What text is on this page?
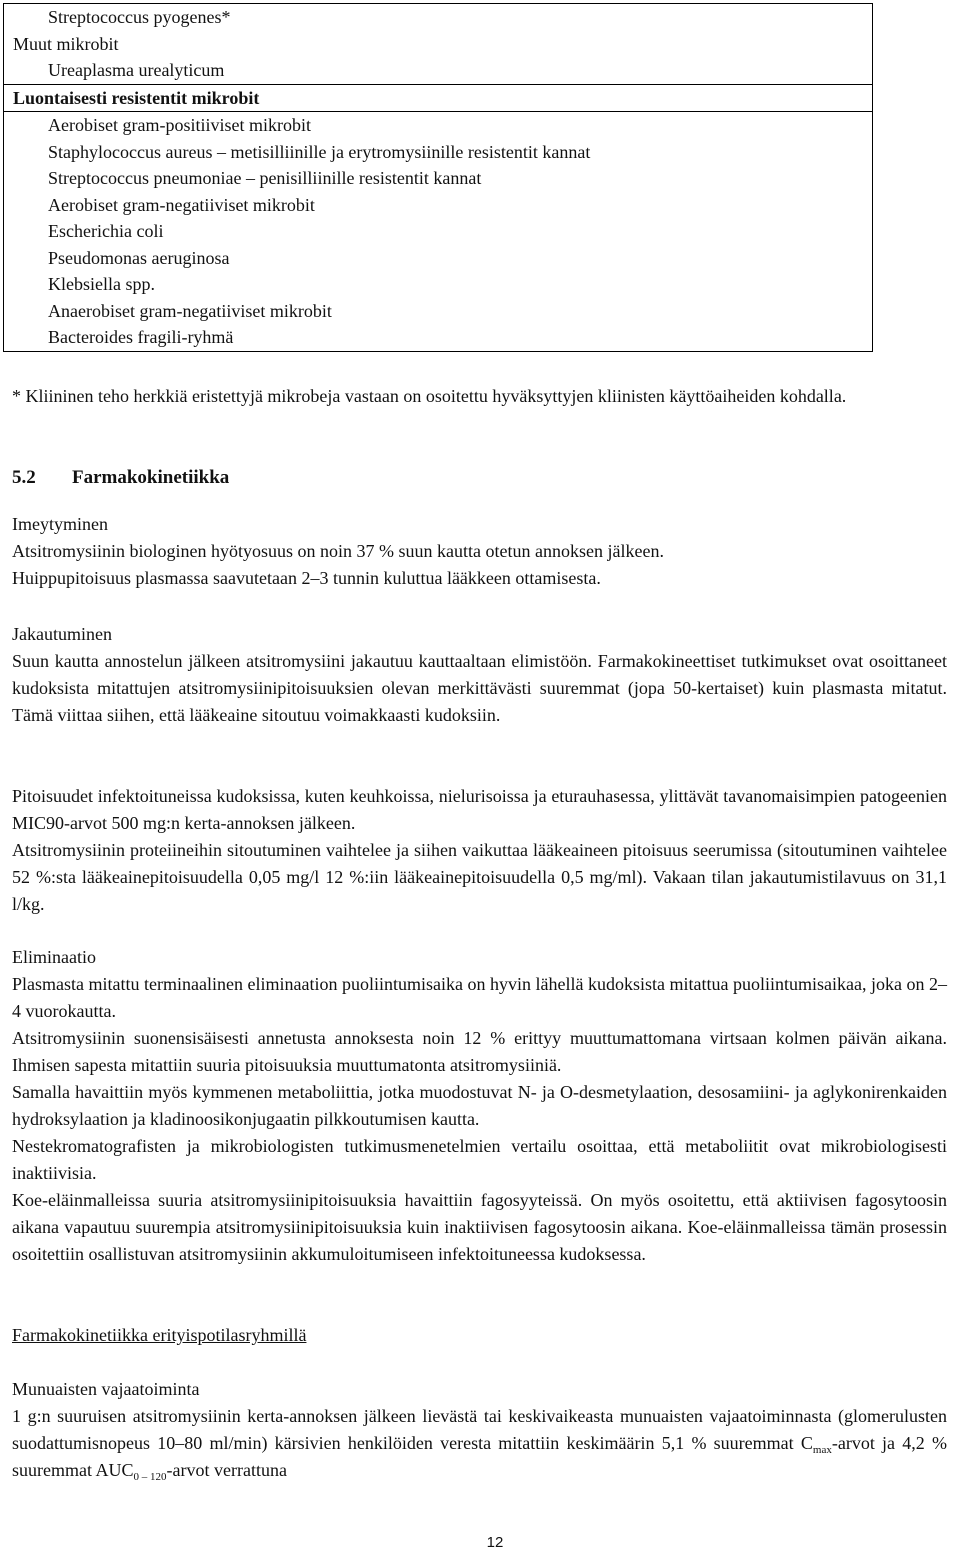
Streptococcus pyogenes*
Muut mikrobit
Ureaplasma urealyticum
Luontaisesti resistentit mikrobit
Aerobiset gram-positiiviset mikrobit
Staphylococcus aureus – metisilliinille ja erytromysiinille resistentit kannat
Streptococcus pneumoniae – penisilliinille resistentit kannat
Aerobiset gram-negatiiviset mikrobit
Escherichia coli
Pseudomonas aeruginosa
Klebsiella spp.
Anaerobiset gram-negatiiviset mikrobit
Bacteroides fragili-ryhmä

* Kliininen teho herkkiä eristettyjä mikrobeja vastaan on osoitettu hyväksyttyjen kliinisten käyttöaiheiden kohdalla.

5.2 Farmakokinetiikka

Imeytyminen

Atsitromysiinin biologinen hyötyosuus on noin 37 % suun kautta otetun annoksen jälkeen.

Huippupitoisuus plasmassa saavutetaan 2–3 tunnin kuluttua lääkkeen ottamisesta.

Jakautuminen

Suun kautta annostelun jälkeen atsitromysiini jakautuu kauttaaltaan elimistöön. Farmakokineettiset tutkimukset ovat osoittaneet kudoksista mitattujen atsitromysiinipitoisuuksien olevan merkittävästi suuremmat (jopa 50-kertaiset) kuin plasmasta mitatut. Tämä viittaa siihen, että lääkeaine sitoutuu voimakkaasti kudoksiin.

Pitoisuudet infektoituneissa kudoksissa, kuten keuhkoissa, nielurisoissa ja eturauhasessa, ylittävät tavanomaisimpien patogeenien MIC90-arvot 500 mg:n kerta-annoksen jälkeen.

Atsitromysiinin proteiineihin sitoutuminen vaihtelee ja siihen vaikuttaa lääkeaineen pitoisuus seerumissa (sitoutuminen vaihtelee 52 %:sta lääkeainepitoisuudella 0,05 mg/l 12 %:iin lääkeainepitoisuudella 0,5 mg/ml). Vakaan tilan jakautumistilavuus on 31,1 l/kg.

Eliminaatio

Plasmasta mitattu terminaalinen eliminaation puoliintumisaika on hyvin lähellä kudoksista mitattua puoliintumisaikaa, joka on 2–4 vuorokautta.

Atsitromysiinin suonensisäisesti annetusta annoksesta noin 12 % erittyy muuttumattomana virtsaan kolmen päivän aikana. Ihmisen sapesta mitattiin suuria pitoisuuksia muuttumatonta atsitromysiiniä.

Samalla havaittiin myös kymmenen metaboliittia, jotka muodostuvat N- ja O-desmetylaation, desosamiini- ja aglykonirenkaiden hydroksylaation ja kladinoosikonjugaatin pilkkoutumisen kautta.

Nestekromatografisten ja mikrobiologisten tutkimusmenetelmien vertailu osoittaa, että metaboliitit ovat mikrobiologisesti inaktiivisia.

Koe-eläinmalleissa suuria atsitromysiinipitoisuuksia havaittiin fagosyyteissä. On myös osoitettu, että aktiivisen fagosytoosin aikana vapautuu suurempia atsitromysiinipitoisuuksia kuin inaktiivisen fagosytoosin aikana. Koe-eläinmalleissa tämän prosessin osoitettiin osallistuvan atsitromysiinin akkumuloitumiseen infektoituneessa kudoksessa.

Farmakokinetiikka erityispotilasryhmillä

Munuaisten vajaatoiminta

1 g:n suuruisen atsitromysiinin kerta-annoksen jälkeen lievästä tai keskivaikeasta munuaisten vajaatoiminnasta (glomerulusten suodattumisnopeus 10–80 ml/min) kärsivien henkilöiden veresta mitattiin keskimäärin 5,1 % suuremmat $C_{max}$-arvot ja 4,2 % suuremmat $AUC_{0 - 120}$-arvot verrattuna

12
